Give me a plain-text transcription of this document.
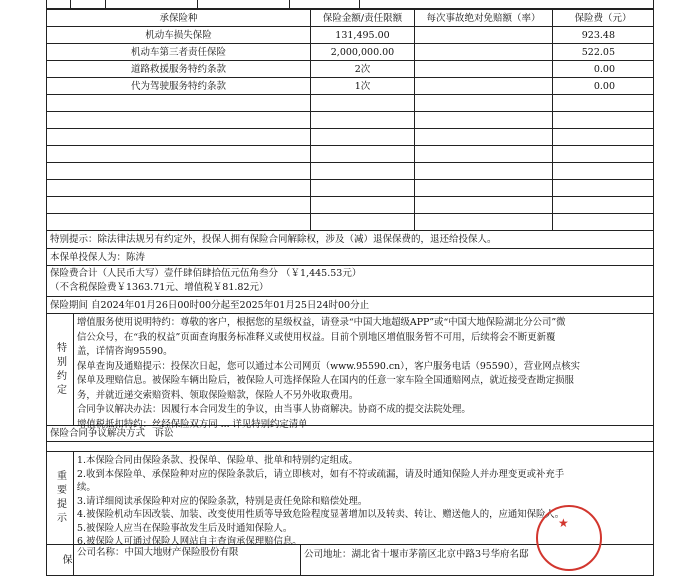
承保险种	保险金额/责任限额	每次事故绝对免赔额（率）	保险费（元）
机动车损失保险	131,495.00		923.48
机动车第三者责任保险	2,000,000.00		522.05
道路救援服务特约条款	2次		0.00
代为驾驶服务特约条款	1次		0.00

特别提示：除法律法规另有约定外，投保人拥有保险合同解除权，涉及（减）退保保费的，退还给投保人。
本保单投保人为：陈涛
保险费合计（人民币大写）壹仟肆佰肆拾伍元伍角叁分 （￥1,445.53元）
（不含税保险费￥1363.71元、增值税￥81.82元）
保险期间 自2024年01月26日00时00分起至2025年01月25日24时00分止
特别约定

增值服务使用说明特约：尊敬的客户，根据您的星级权益，请登录“中国大地超级APP”或“中国大地保险湖北分公司”微

信公众号，在“我的权益”页面查询服务标准释义或使用权益。目前个别地区增值服务暂不可用，后续将会不断更新覆

盖，详情咨询95590。

保单查询及通赔提示：投保次日起，您可以通过本公司网页（www.95590.cn），客户服务电话（95590），营业网点核实

保单及理赔信息。被保险车辆出险后，被保险人可选择保险人在国内的任意一家车险全国通赔网点，就近接受查勘定损服

务，并就近递交索赔资料、领取保险赔款，保险人不另外收取费用。

合同争议解决办法：因履行本合同发生的争议，由当事人协商解决。协商不成的提交法院处理。

增值税抵扣特约：丝经保险双方同 ... 详见特别约定清单

保险合同争议解决方式　诉讼
重要提示

1.本保险合同由保险条款、投保单、保险单、批单和特别约定组成。

2.收到本保险单、承保险种对应的保险条款后，请立即核对，如有不符或疏漏，请及时通知保险人并办理变更或补充手

续。

3.请详细阅读承保险种对应的保险条款，特别是责任免除和赔偿处理。

4.被保险机动车因改装、加装、改变使用性质等导致危险程度显著增加以及转卖、转让、赠送他人的，应通知保险人。

5.被保险人应当在保险事故发生后及时通知保险人。

6.被保险人可通过保险人网站自主查询承保理赔信息。

保
公司名称：中国大地财产保险股份有限	公司地址：湖北省十堰市茅箭区北京中路3号华府名邸
★
